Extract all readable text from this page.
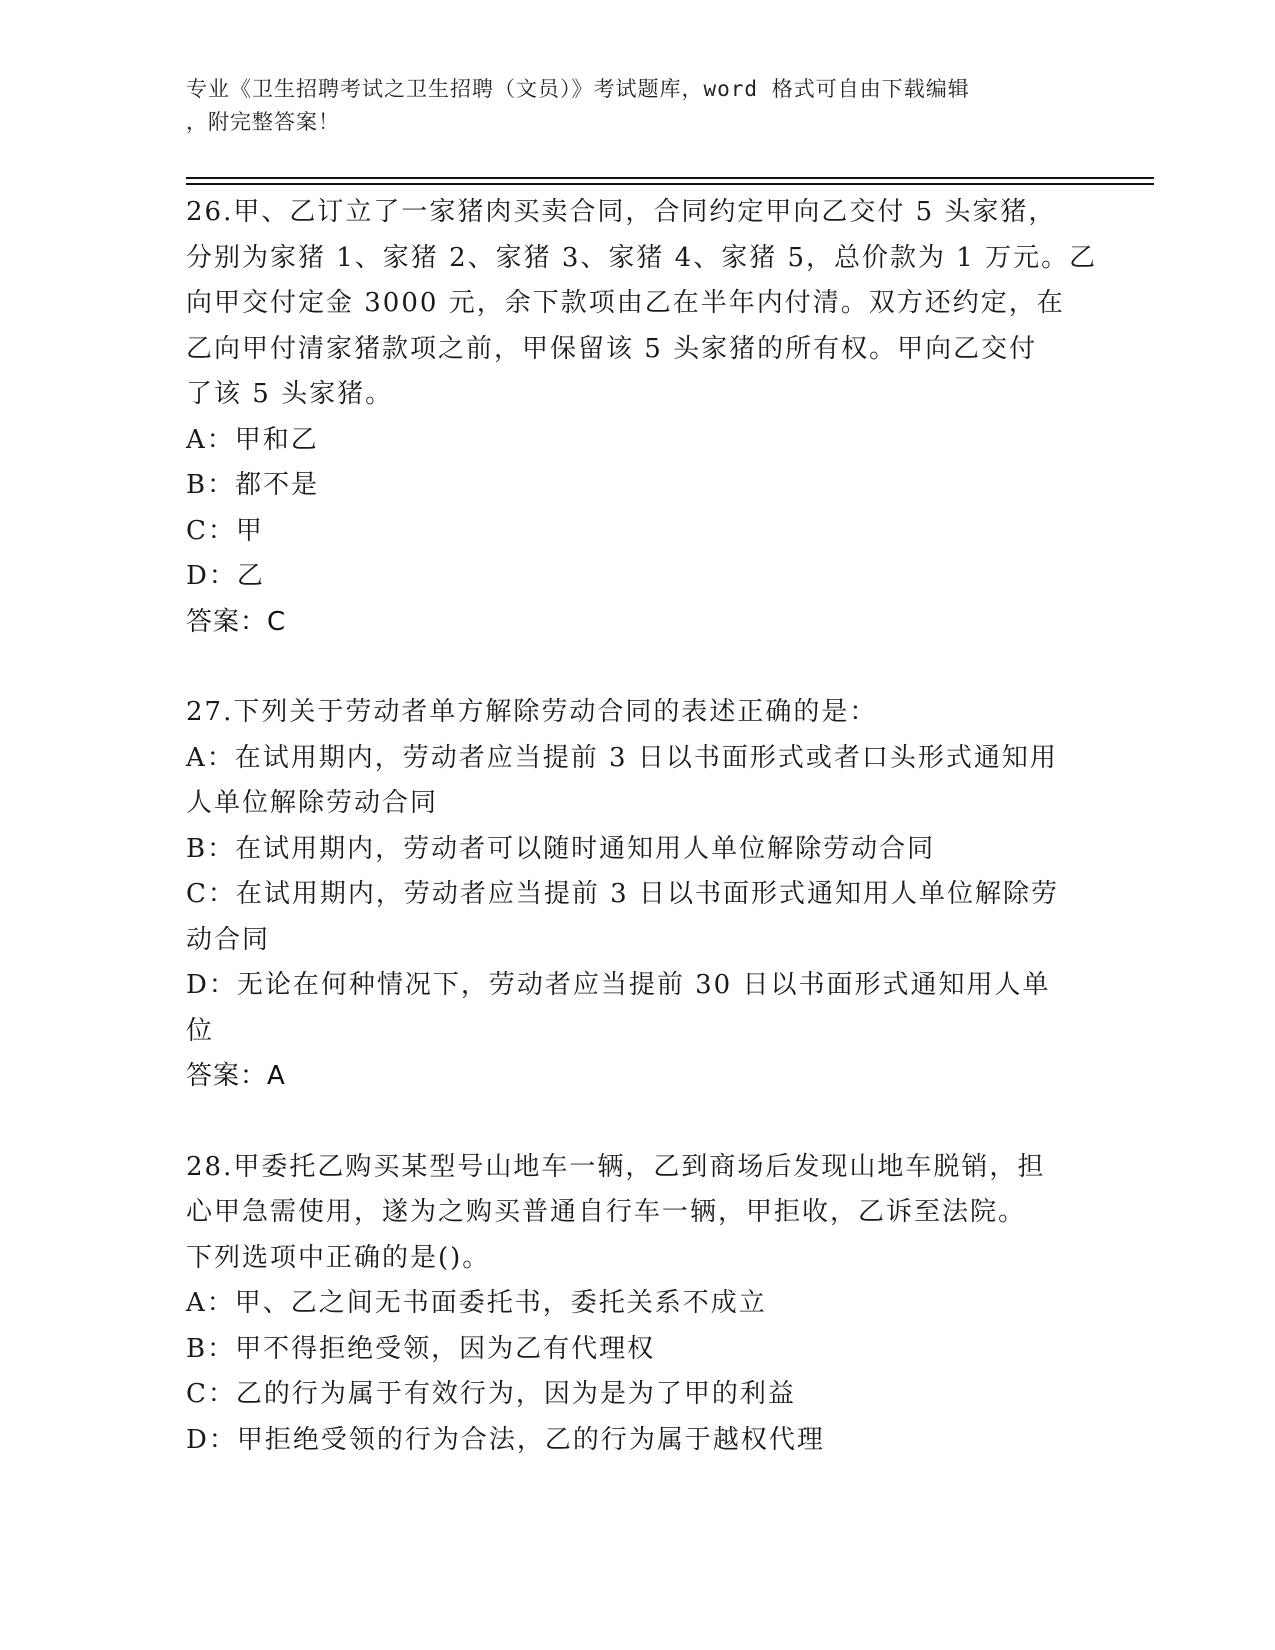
专业《卫生招聘考试之卫生招聘（文员）》考试题库，word 格式可自由下载编辑
，附完整答案！
26.甲、乙订立了一家猪肉买卖合同，合同约定甲向乙交付 5 头家猪，
分别为家猪 1、家猪 2、家猪 3、家猪 4、家猪 5，总价款为 1 万元。乙
向甲交付定金 3000 元，余下款项由乙在半年内付清。双方还约定，在
乙向甲付清家猪款项之前，甲保留该 5 头家猪的所有权。甲向乙交付
了该 5 头家猪。
A：甲和乙
B：都不是
C：甲
D：乙
答案：C
27.下列关于劳动者单方解除劳动合同的表述正确的是：
A：在试用期内，劳动者应当提前 3 日以书面形式或者口头形式通知用
人单位解除劳动合同
B：在试用期内，劳动者可以随时通知用人单位解除劳动合同
C：在试用期内，劳动者应当提前 3 日以书面形式通知用人单位解除劳
动合同
D：无论在何种情况下，劳动者应当提前 30 日以书面形式通知用人单
位
答案：A
28.甲委托乙购买某型号山地车一辆，乙到商场后发现山地车脱销，担
心甲急需使用，遂为之购买普通自行车一辆，甲拒收，乙诉至法院。
下列选项中正确的是()。
A：甲、乙之间无书面委托书，委托关系不成立
B：甲不得拒绝受领，因为乙有代理权
C：乙的行为属于有效行为，因为是为了甲的利益
D：甲拒绝受领的行为合法，乙的行为属于越权代理
